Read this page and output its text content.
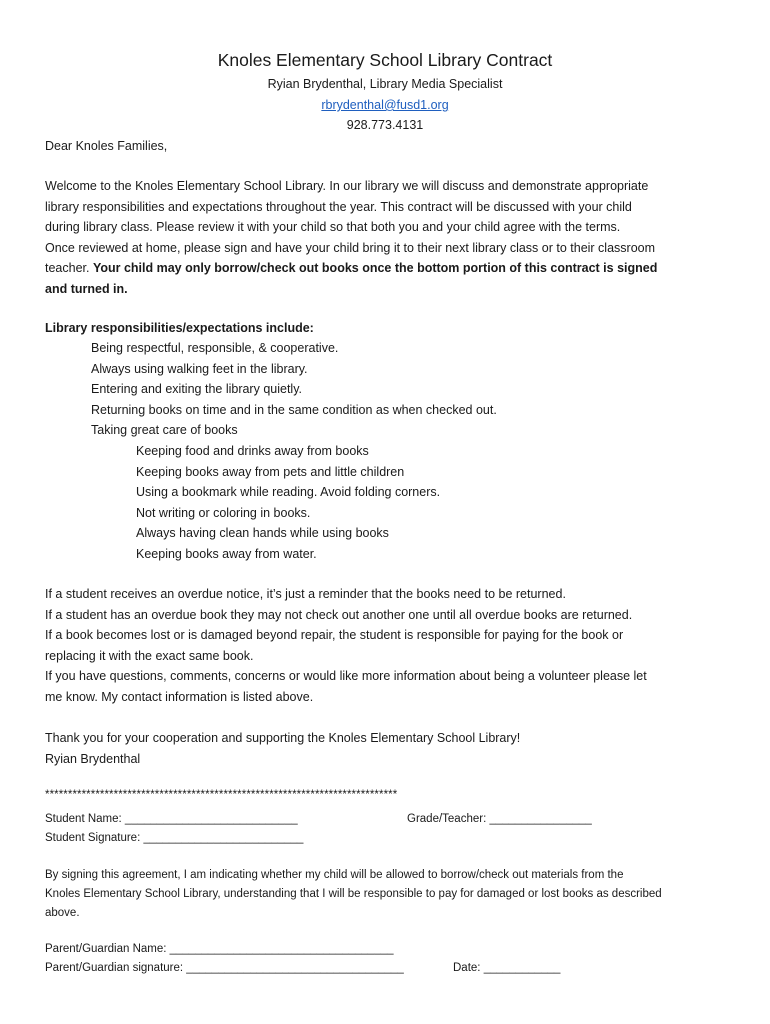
Knoles Elementary School Library Contract
Ryian Brydenthal, Library Media Specialist
rbrydenthal@fusd1.org
928.773.4131
Dear Knoles Families,
Welcome to the Knoles Elementary School Library. In our library we will discuss and demonstrate appropriate
library responsibilities and expectations throughout the year. This contract will be discussed with your child
during library class. Please review it with your child so that both you and your child agree with the terms.
Once reviewed at home, please sign and have your child bring it to their next library class or to their classroom
teacher. Your child may only borrow/check out books once the bottom portion of this contract is signed
and turned in.
Library responsibilities/expectations include:
Being respectful, responsible, & cooperative.
Always using walking feet in the library.
Entering and exiting the library quietly.
Returning books on time and in the same condition as when checked out.
Taking great care of books
Keeping food and drinks away from books
Keeping books away from pets and little children
Using a bookmark while reading. Avoid folding corners.
Not writing or coloring in books.
Always having clean hands while using books
Keeping books away from water.
If a student receives an overdue notice, it’s just a reminder that the books need to be returned.
If a student has an overdue book they may not check out another one until all overdue books are returned.
If a book becomes lost or is damaged beyond repair, the student is responsible for paying for the book or
replacing it with the exact same book.
If you have questions, comments, concerns or would like more information about being a volunteer please let
me know. My contact information is listed above.
Thank you for your cooperation and supporting the Knoles Elementary School Library!
Ryian Brydenthal
*****************************************************************************
Student Name: ___________________________	Grade/Teacher: ________________
Student Signature: _________________________
By signing this agreement, I am indicating whether my child will be allowed to borrow/check out materials from the
Knoles Elementary School Library, understanding that I will be responsible to pay for damaged or lost books as described
above.
Parent/Guardian Name: ___________________________________
Parent/Guardian signature: __________________________________	Date: ____________
